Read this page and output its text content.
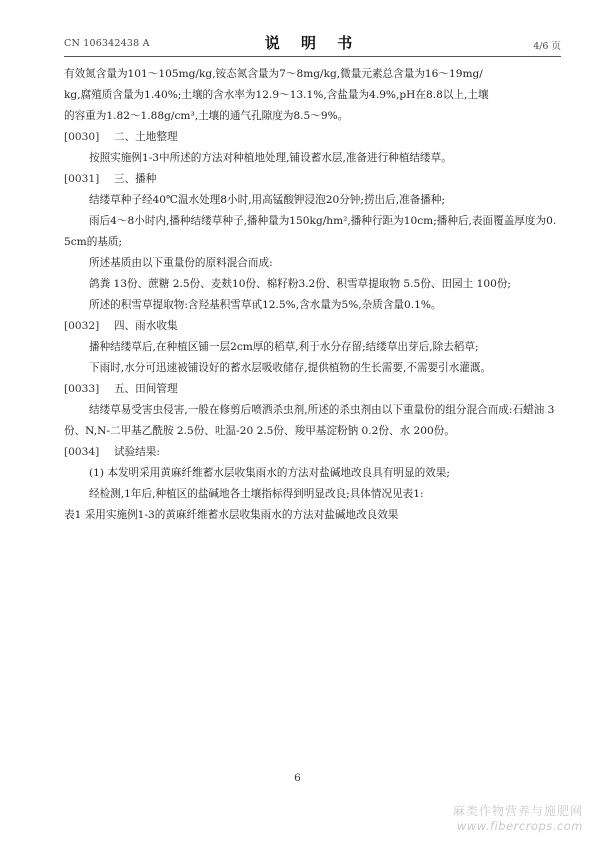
CN 106342438 A	说 明 书	4/6 页
有效氮含量为101～105mg/kg,铵态氮含量为7～8mg/kg,微量元素总含量为16～19mg/
kg,腐殖质含量为1.40%;土壤的含水率为12.9～13.1%,含盐量为4.9%,pH在8.8以上,土壤
的容重为1.82～1.88g/cm³,土壤的通气孔隙度为8.5～9%。
[0030] 二、土地整理
按照实施例1-3中所述的方法对种植地处理,铺设蓄水层,准备进行种植结缕草。
[0031] 三、播种
结缕草种子经40℃温水处理8小时,用高锰酸钾浸泡20分钟;捞出后,准备播种;
雨后4～8小时内,播种结缕草种子,播种量为150kg/hm²,播种行距为10cm;播种后,表面覆盖厚度为0.5cm的基质;
所述基质由以下重量份的原料混合而成:
鸽粪 13份、蔗糖 2.5份、麦麸10份、棉籽粉3.2份、积雪草提取物 5.5份、田园土 100份;
所述的积雪草提取物:含羟基积雪草甙12.5%,含水量为5%,杂质含量0.1%。
[0032] 四、雨水收集
播种结缕草后,在种植区铺一层2cm厚的稻草,利于水分存留;结缕草出芽后,除去稻草;
下雨时,水分可迅速被铺设好的蓄水层吸收储存,提供植物的生长需要,不需要引水灌溉。
[0033] 五、田间管理
结缕草易受害虫侵害,一般在修剪后喷洒杀虫剂,所述的杀虫剂由以下重量份的组分混合而成:石蜡油 3份、N,N-二甲基乙酰胺 2.5份、吐温-20 2.5份、羧甲基淀粉钠 0.2份、水 200份。
[0034] 试验结果:
(1) 本发明采用黄麻纤维蓄水层收集雨水的方法对盐碱地改良具有明显的效果;
经检测,1年后,种植区的盐碱地各土壤指标得到明显改良;具体情况见表1:
表1 采用实施例1-3的黄麻纤维蓄水层收集雨水的方法对盐碱地改良效果
6
麻类作物营养与施肥网
www.fibercrops.com
